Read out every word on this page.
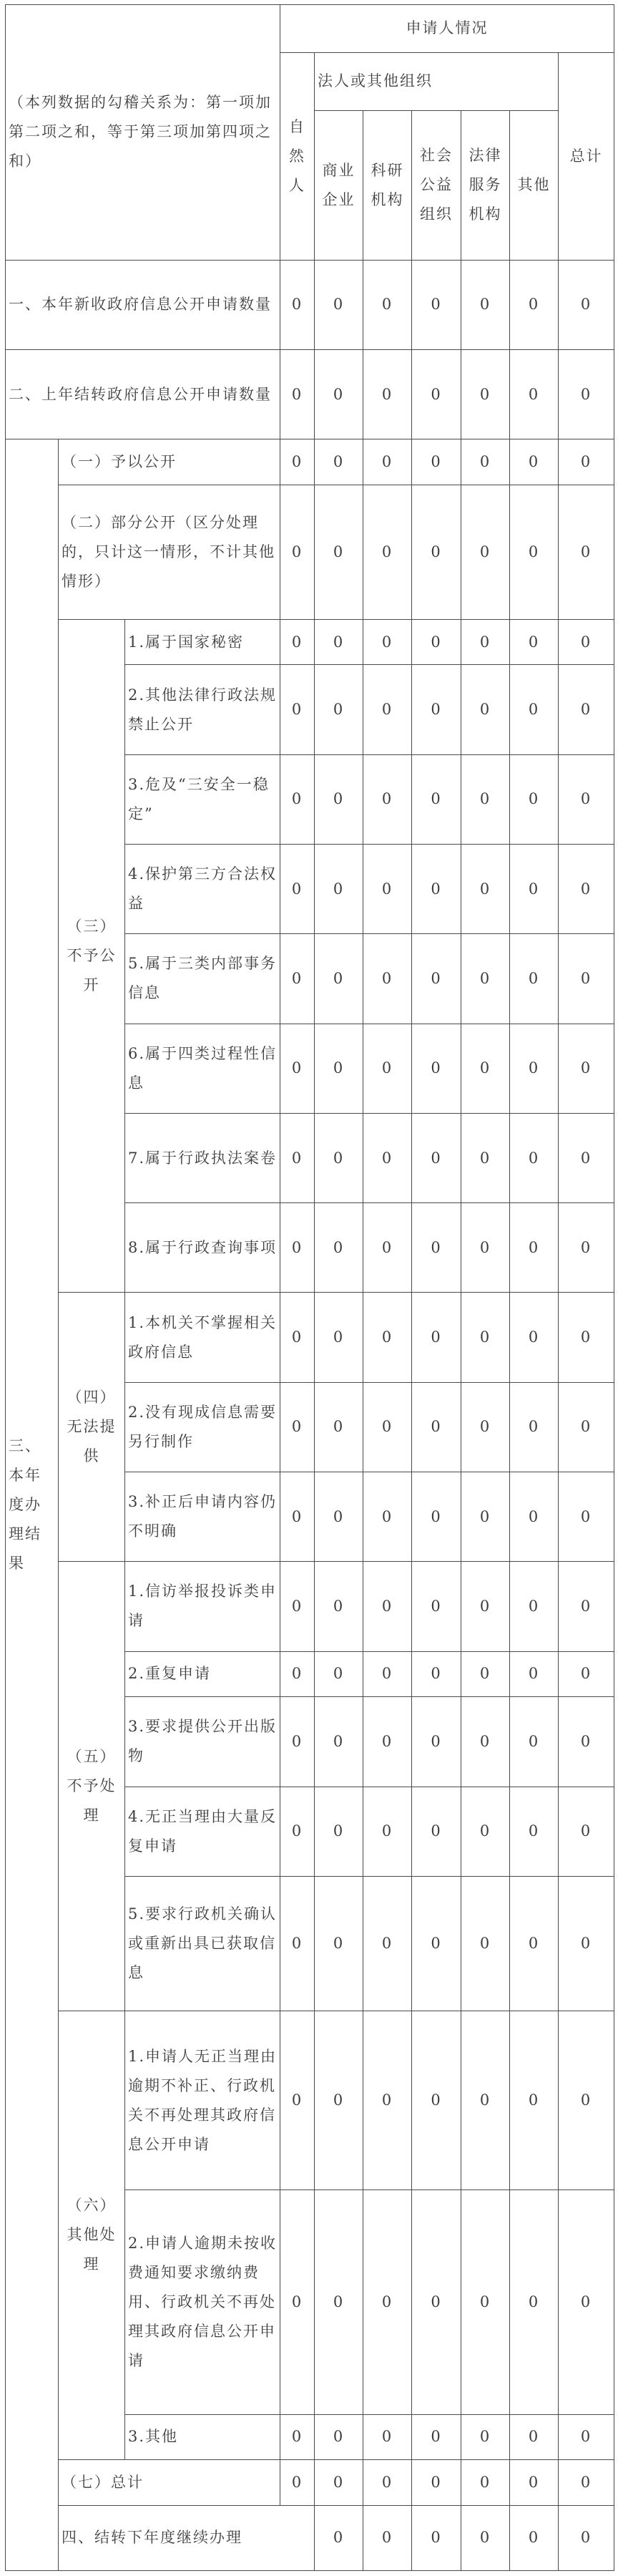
（本列数据的勾稽关系为：第一项加第二项之和，等于第三项加第四项之和）			申请人情况							
			自然人	法人或其他组织					总计	
				商业企业	科研机构	社会公益组织	法律服务机构	其他		
一、本年新收政府信息公开申请数量			0	0	0	0	0	0	0	
二、上年结转政府信息公开申请数量			0	0	0	0	0	0	0	
三、本年度办理结果	（一）予以公开		0	0	0	0	0	0	0	
	（二）部分公开（区分处理的，只计这一情形，不计其他情形）		0	0	0	0	0	0	0	
	（三）不予公开	1.属于国家秘密	0	0	0	0	0	0	0	
		2.其他法律行政法规禁止公开	0	0	0	0	0	0	0	
		3.危及“三安全一稳定”	0	0	0	0	0	0	0	
		4.保护第三方合法权益	0	0	0	0	0	0	0	
		5.属于三类内部事务信息	0	0	0	0	0	0	0	
		6.属于四类过程性信息	0	0	0	0	0	0	0	
		7.属于行政执法案卷	0	0	0	0	0	0	0	
		8.属于行政查询事项	0	0	0	0	0	0	0	
	（四）无法提供	1.本机关不掌握相关政府信息	0	0	0	0	0	0	0	
		2.没有现成信息需要另行制作	0	0	0	0	0	0	0	
		3.补正后申请内容仍不明确	0	0	0	0	0	0	0	
	（五）不予处理	1.信访举报投诉类申请	0	0	0	0	0	0	0	
		2.重复申请	0	0	0	0	0	0	0	
		3.要求提供公开出版物	0	0	0	0	0	0	0	
		4.无正当理由大量反复申请	0	0	0	0	0	0	0	
		5.要求行政机关确认或重新出具已获取信息	0	0	0	0	0	0	0	
	（六）其他处理	1.申请人无正当理由逾期不补正、行政机关不再处理其政府信息公开申请	0	0	0	0	0	0	0	
		2.申请人逾期未按收费通知要求缴纳费用、行政机关不再处理其政府信息公开申请	0	0	0	0	0	0	0	
		3.其他	0	0	0	0	0	0	0	
	（七）总计		0	0	0	0	0	0	0	
	四、结转下年度继续办理			0	0	0	0	0	0	
